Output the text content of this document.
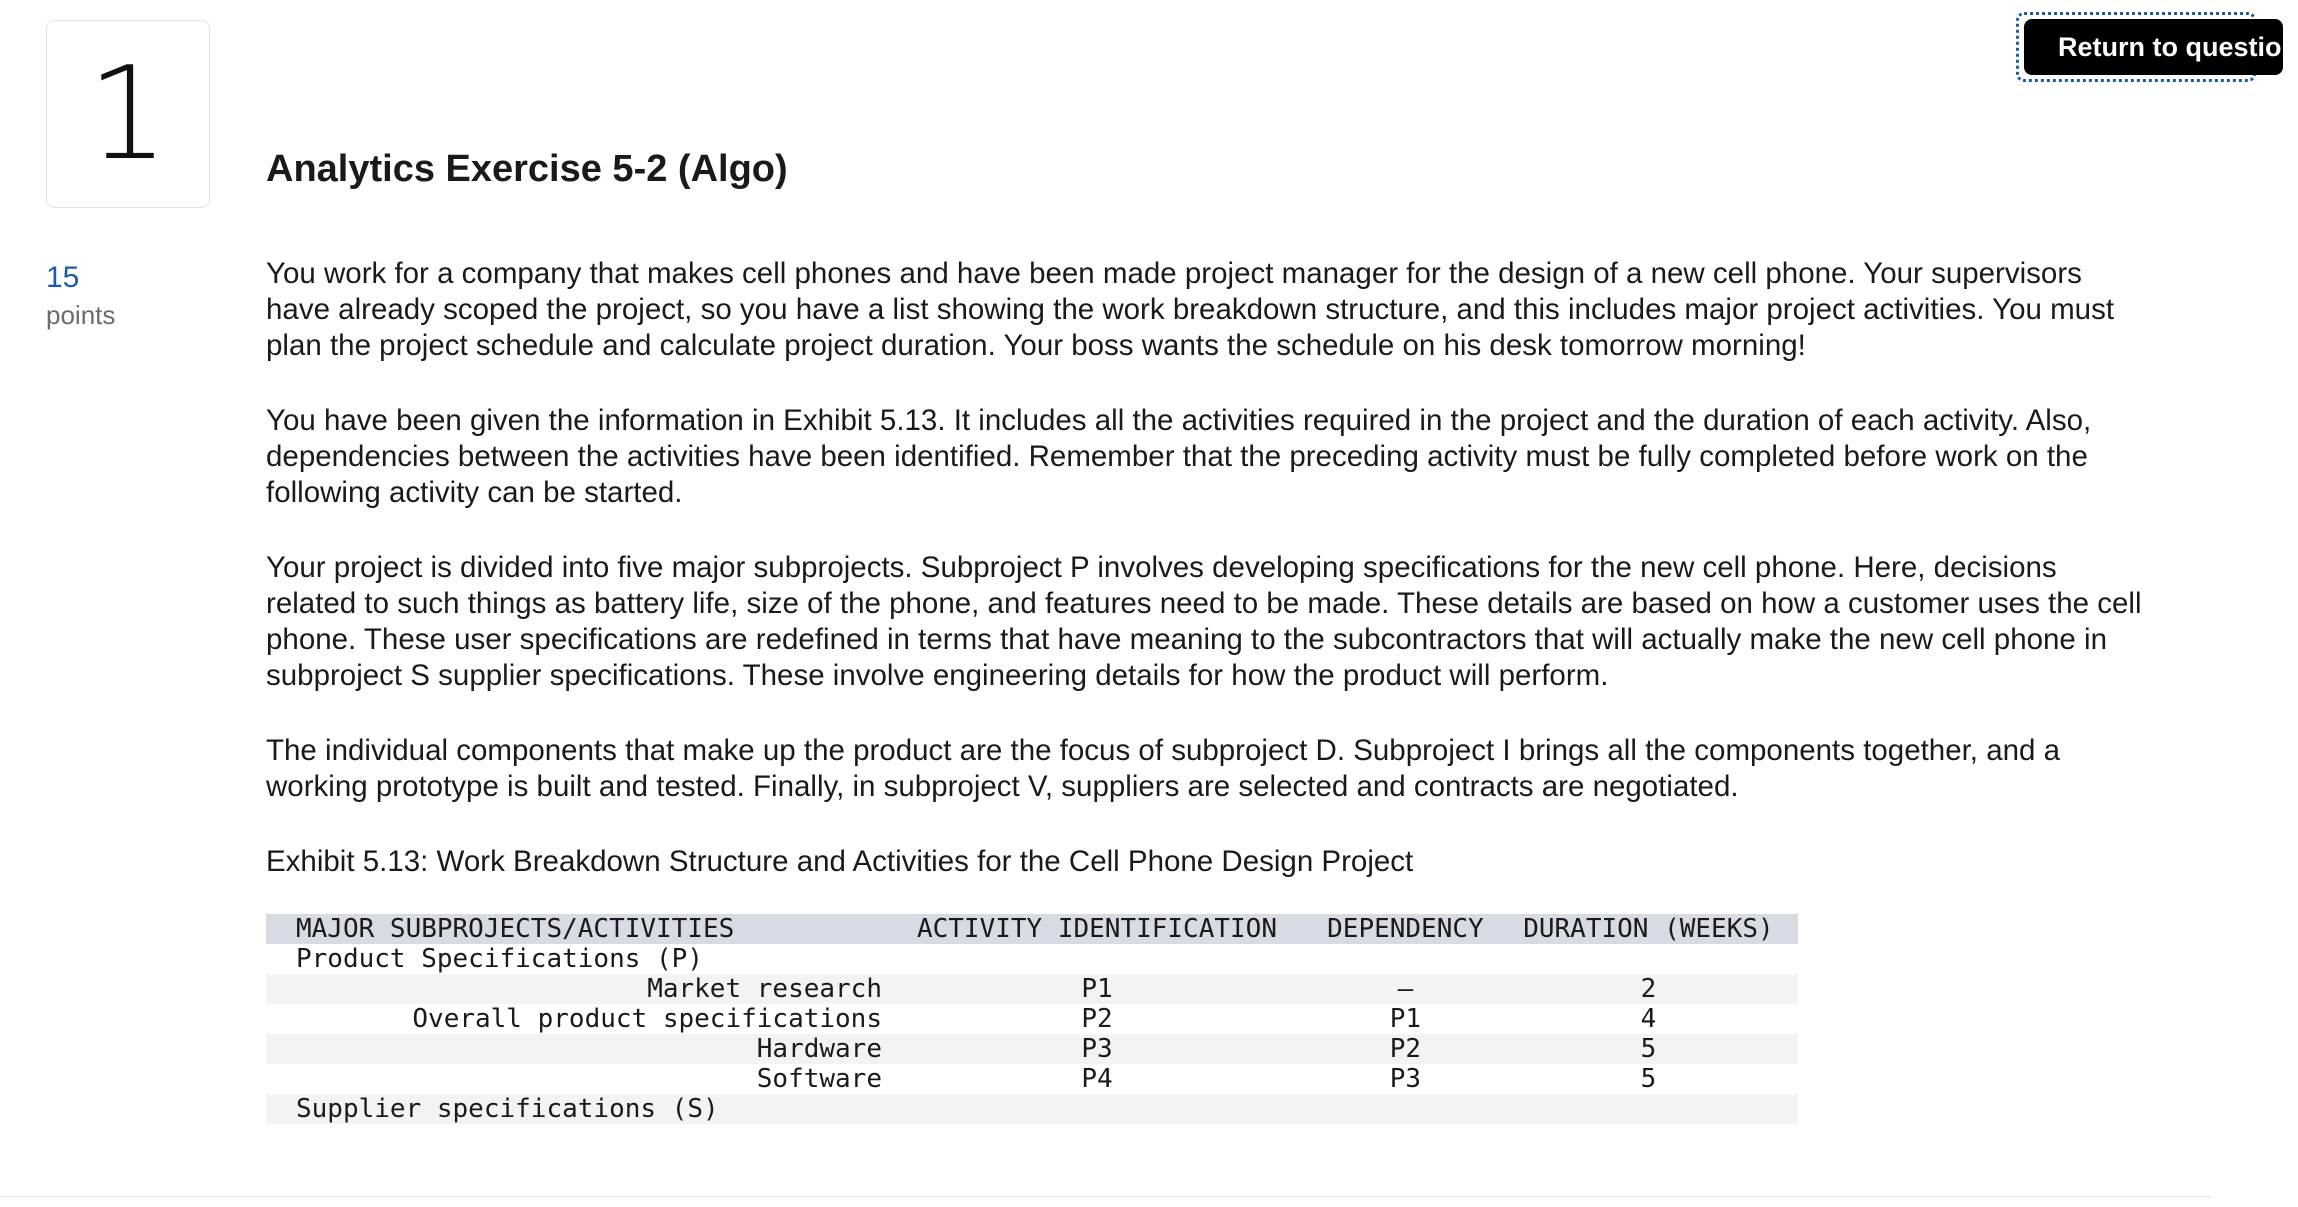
1
15
points
Return to question
Analytics Exercise 5-2 (Algo)

You work for a company that makes cell phones and have been made project manager for the design of a new cell phone. Your supervisors have already scoped the project, so you have a list showing the work breakdown structure, and this includes major project activities. You must plan the project schedule and calculate project duration. Your boss wants the schedule on his desk tomorrow morning!

You have been given the information in Exhibit 5.13. It includes all the activities required in the project and the duration of each activity. Also, dependencies between the activities have been identified. Remember that the preceding activity must be fully completed before work on the following activity can be started.

Your project is divided into five major subprojects. Subproject P involves developing specifications for the new cell phone. Here, decisions related to such things as battery life, size of the phone, and features need to be made. These details are based on how a customer uses the cell phone. These user specifications are redefined in terms that have meaning to the subcontractors that will actually make the new cell phone in subproject S supplier specifications. These involve engineering details for how the product will perform.

The individual components that make up the product are the focus of subproject D. Subproject I brings all the components together, and a working prototype is built and tested. Finally, in subproject V, suppliers are selected and contracts are negotiated.

Exhibit 5.13: Work Breakdown Structure and Activities for the Cell Phone Design Project

MAJOR SUBPROJECTS/ACTIVITIES	ACTIVITY IDENTIFICATION	DEPENDENCY	DURATION (WEEKS)
Product Specifications (P)			
Market research	P1	–	2
Overall product specifications	P2	P1	4
Hardware	P3	P2	5
Software	P4	P3	5
Supplier specifications (S)			
